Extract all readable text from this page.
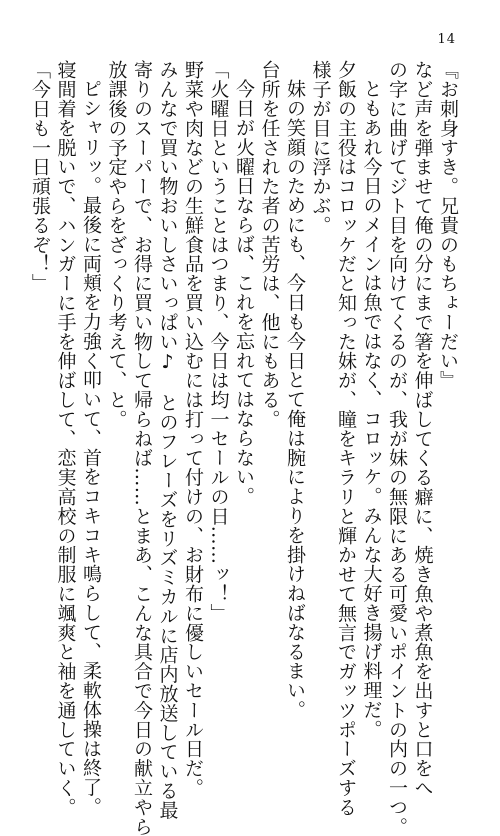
14
『お刺身すき。兄貴のもちょーだい』
など声を弾ませて俺の分にまで箸を伸ばしてくる癖に、焼き魚や煮魚を出すと口をへ
の字に曲げてジト目を向けてくるのが、我が妹の無限にある可愛いポイントの内の一つ。
ともあれ今日のメインは魚ではなく、コロッケ。みんな大好き揚げ料理だ。
夕飯の主役はコロッケだと知った妹が、瞳をキラリと輝かせて無言でガッツポーズする
様子が目に浮かぶ。
妹の笑顔のためにも、今日も今日とて俺は腕によりを掛けねばなるまい。
台所を任された者の苦労は、他にもある。
今日が火曜日ならば、これを忘れてはならない。
「火曜日ということはつまり、今日は均一セールの日……ッ！」
野菜や肉などの生鮮食品を買い込むには打って付けの、お財布に優しいセール日だ。
みんなで買い物おいしさいっぱい♪　とのフレーズをリズミカルに店内放送している最
寄りのスーパーで、お得に買い物して帰らねば……とまあ、こんな具合で今日の献立やら
放課後の予定やらをざっくり考えて、と。
ピシャリッ。最後に両頬を力強く叩いて、首をコキコキ鳴らして、柔軟体操は終了。
寝間着を脱いで、ハンガーに手を伸ばして、恋実高校の制服に颯爽と袖を通していく。
「今日も一日頑張るぞ！」
